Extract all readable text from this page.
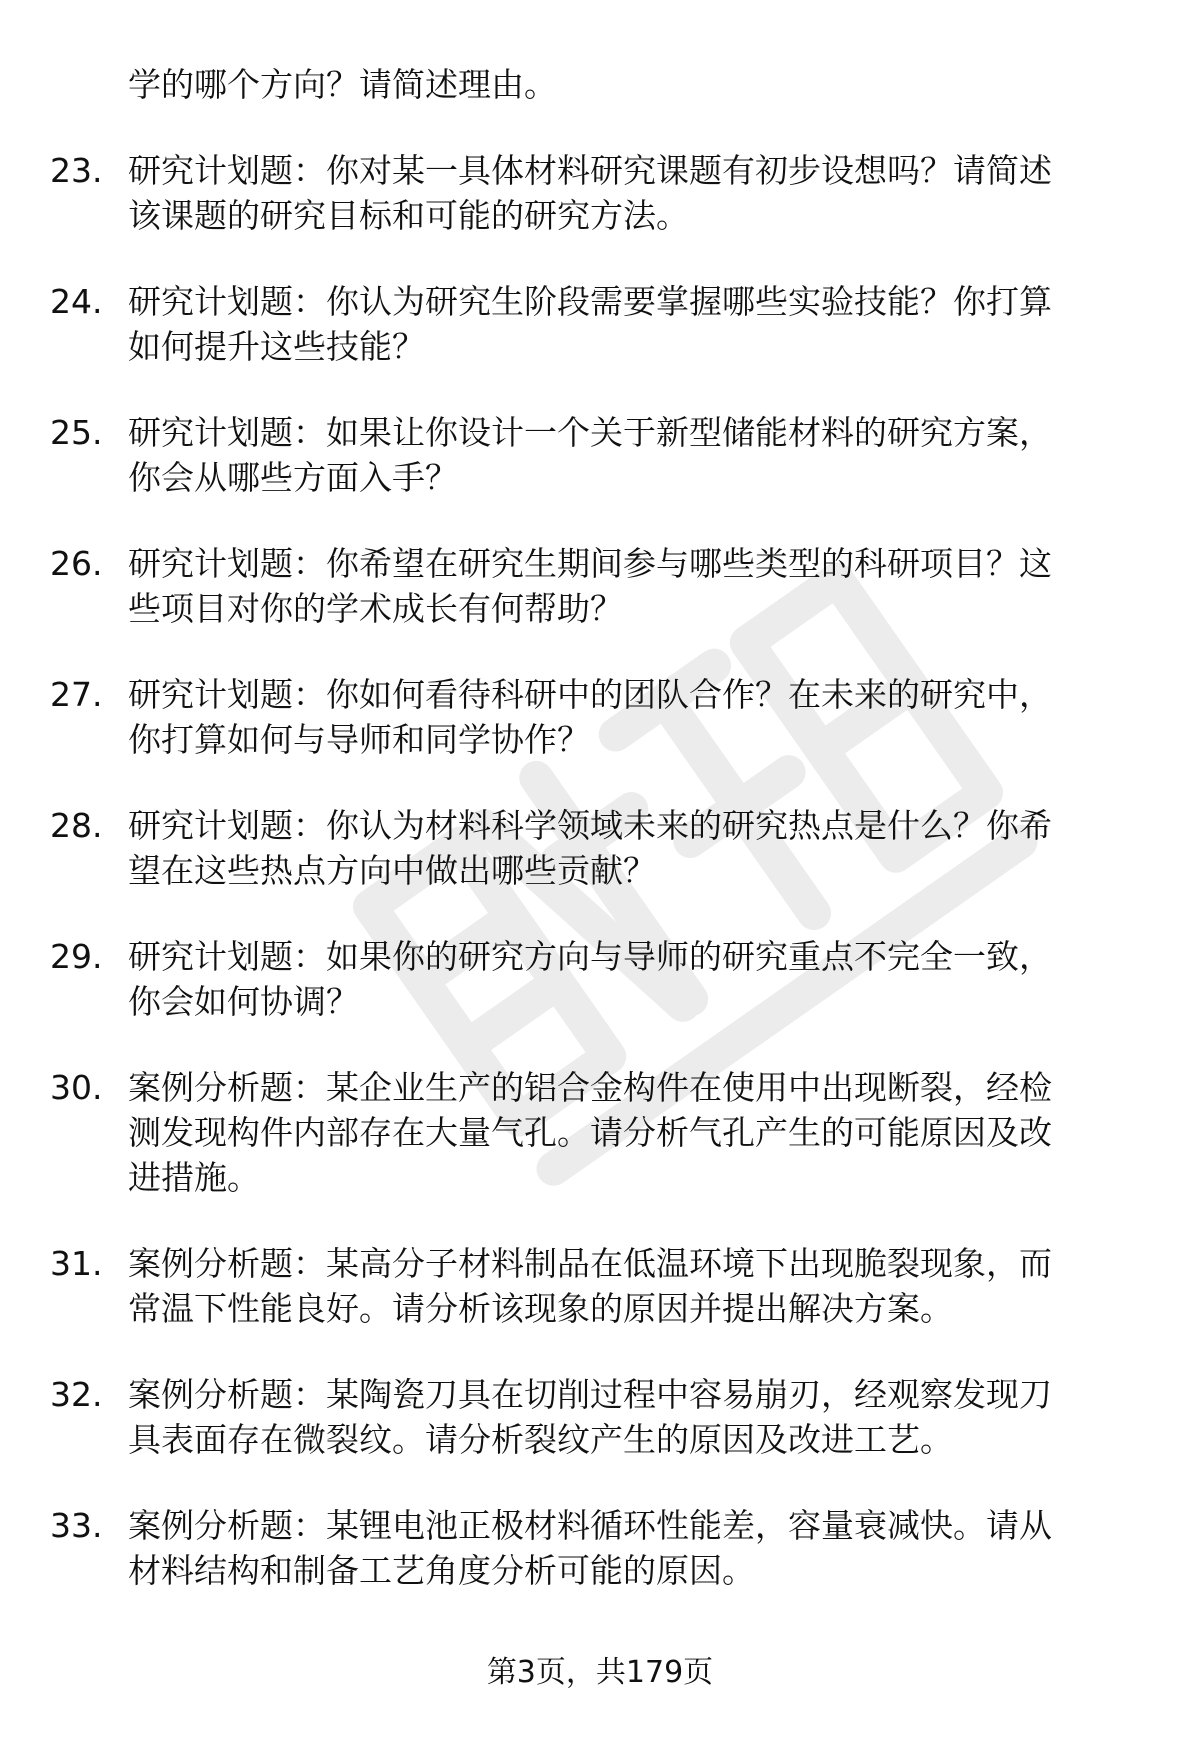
学的哪个方向？请简述理由。

23. 研究计划题：你对某一具体材料研究课题有初步设想吗？请简述
该课题的研究目标和可能的研究方法。
24. 研究计划题：你认为研究生阶段需要掌握哪些实验技能？你打算
如何提升这些技能？
25. 研究计划题：如果让你设计一个关于新型储能材料的研究方案，
你会从哪些方面入手？
26. 研究计划题：你希望在研究生期间参与哪些类型的科研项目？这
些项目对你的学术成长有何帮助？
27. 研究计划题：你如何看待科研中的团队合作？在未来的研究中，
你打算如何与导师和同学协作？
28. 研究计划题：你认为材料科学领域未来的研究热点是什么？你希
望在这些热点方向中做出哪些贡献？
29. 研究计划题：如果你的研究方向与导师的研究重点不完全一致，
你会如何协调？
30. 案例分析题：某企业生产的铝合金构件在使用中出现断裂，经检
测发现构件内部存在大量气孔。请分析气孔产生的可能原因及改
进措施。
31. 案例分析题：某高分子材料制品在低温环境下出现脆裂现象，而
常温下性能良好。请分析该现象的原因并提出解决方案。
32. 案例分析题：某陶瓷刀具在切削过程中容易崩刃，经观察发现刀
具表面存在微裂纹。请分析裂纹产生的原因及改进工艺。
33. 案例分析题：某锂电池正极材料循环性能差，容量衰减快。请从
材料结构和制备工艺角度分析可能的原因。
第3页，共179页
